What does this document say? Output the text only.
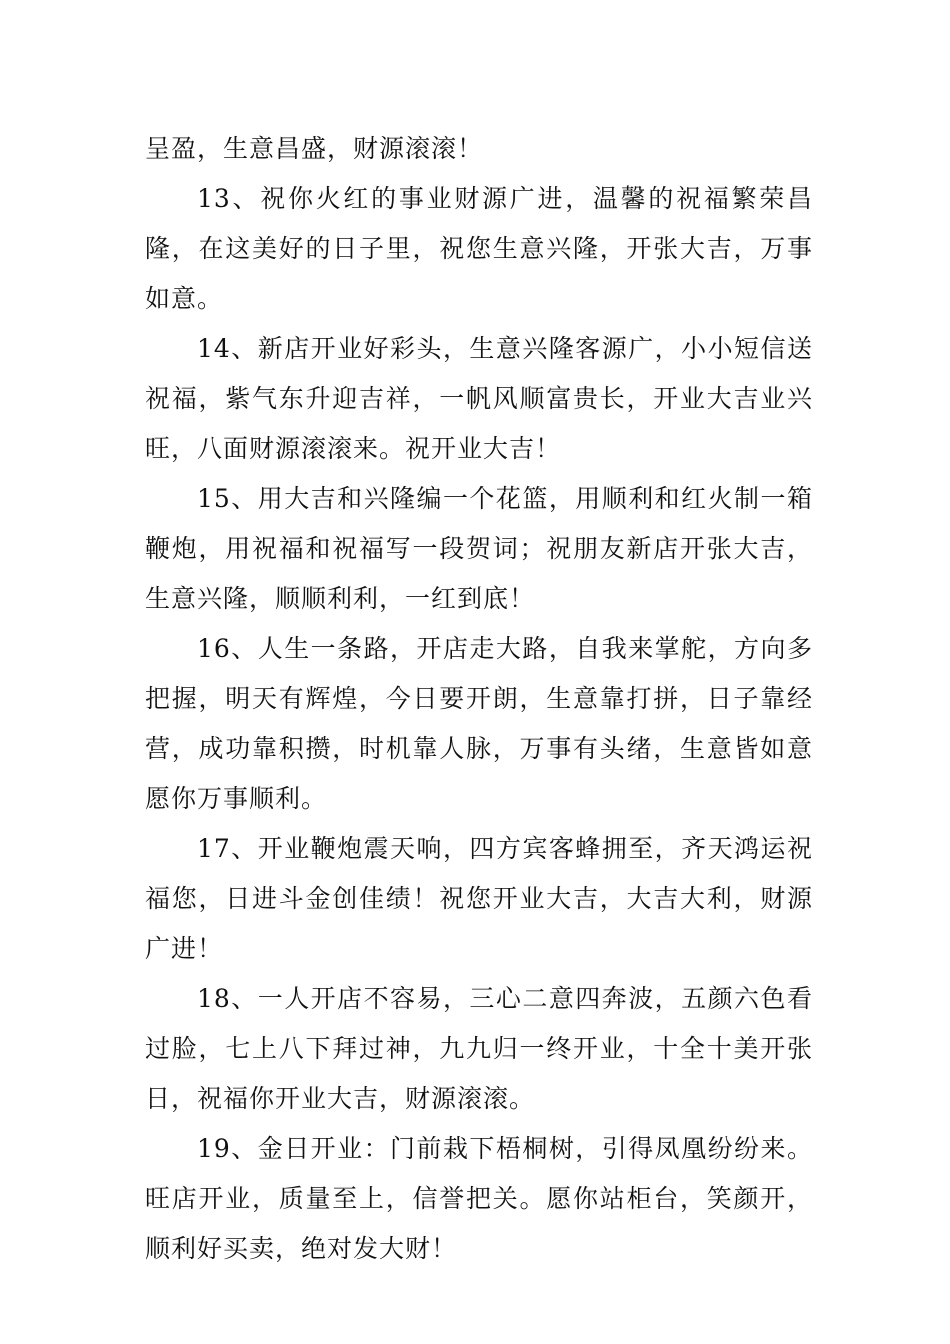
呈盈，生意昌盛，财源滚滚！

13、祝你火红的事业财源广进，温馨的祝福繁荣昌隆，在这美好的日子里，祝您生意兴隆，开张大吉，万事如意。

14、新店开业好彩头，生意兴隆客源广，小小短信送祝福，紫气东升迎吉祥，一帆风顺富贵长，开业大吉业兴旺，八面财源滚滚来。祝开业大吉！

15、用大吉和兴隆编一个花篮，用顺利和红火制一箱鞭炮，用祝福和祝福写一段贺词；祝朋友新店开张大吉，生意兴隆，顺顺利利，一红到底！

16、人生一条路，开店走大路，自我来掌舵，方向多把握，明天有辉煌，今日要开朗，生意靠打拼，日子靠经营，成功靠积攒，时机靠人脉，万事有头绪，生意皆如意愿你万事顺利。

17、开业鞭炮震天响，四方宾客蜂拥至，齐天鸿运祝福您，日进斗金创佳绩！祝您开业大吉，大吉大利，财源广进！

18、一人开店不容易，三心二意四奔波，五颜六色看过脸，七上八下拜过神，九九归一终开业，十全十美开张日，祝福你开业大吉，财源滚滚。

19、金日开业：门前栽下梧桐树，引得凤凰纷纷来。旺店开业，质量至上，信誉把关。愿你站柜台，笑颜开，顺利好买卖，绝对发大财！
